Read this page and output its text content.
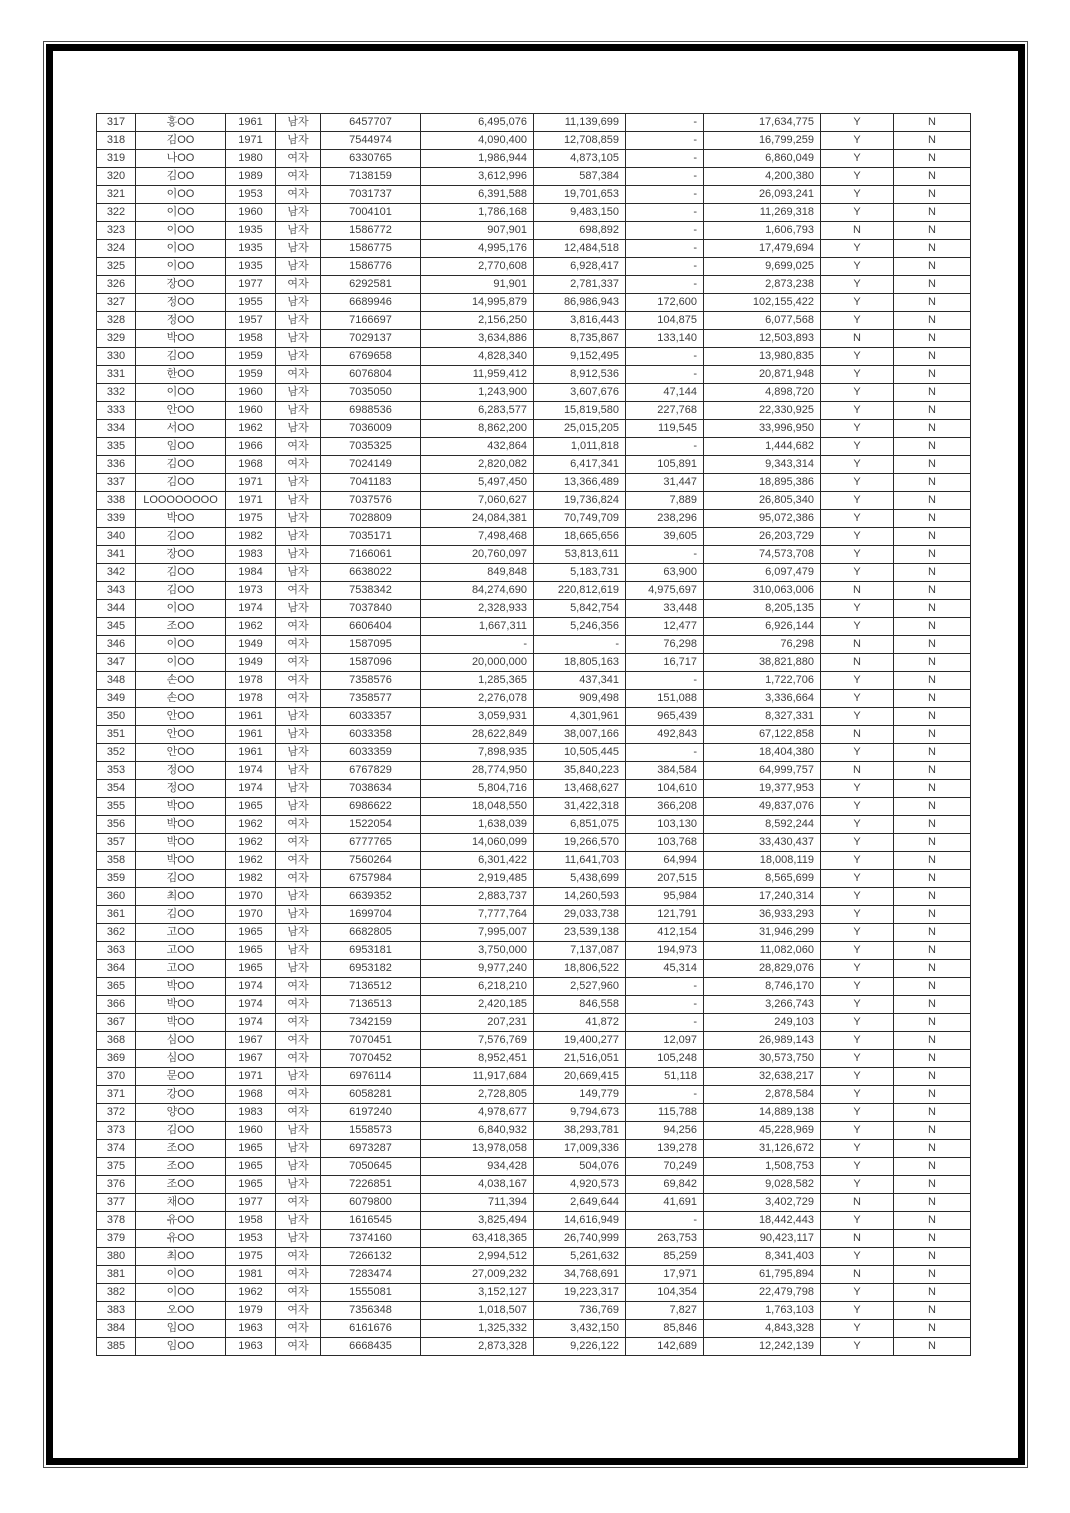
317	홍OO	1961	남자	6457707	6,495,076	11,139,699	-	17,634,775	Y	N
318	김OO	1971	남자	7544974	4,090,400	12,708,859	-	16,799,259	Y	N
319	나OO	1980	여자	6330765	1,986,944	4,873,105	-	6,860,049	Y	N
320	김OO	1989	여자	7138159	3,612,996	587,384	-	4,200,380	Y	N
321	이OO	1953	여자	7031737	6,391,588	19,701,653	-	26,093,241	Y	N
322	이OO	1960	남자	7004101	1,786,168	9,483,150	-	11,269,318	Y	N
323	이OO	1935	남자	1586772	907,901	698,892	-	1,606,793	N	N
324	이OO	1935	남자	1586775	4,995,176	12,484,518	-	17,479,694	Y	N
325	이OO	1935	남자	1586776	2,770,608	6,928,417	-	9,699,025	Y	N
326	장OO	1977	여자	6292581	91,901	2,781,337	-	2,873,238	Y	N
327	정OO	1955	남자	6689946	14,995,879	86,986,943	172,600	102,155,422	Y	N
328	정OO	1957	남자	7166697	2,156,250	3,816,443	104,875	6,077,568	Y	N
329	박OO	1958	남자	7029137	3,634,886	8,735,867	133,140	12,503,893	N	N
330	김OO	1959	남자	6769658	4,828,340	9,152,495	-	13,980,835	Y	N
331	한OO	1959	여자	6076804	11,959,412	8,912,536	-	20,871,948	Y	N
332	이OO	1960	남자	7035050	1,243,900	3,607,676	47,144	4,898,720	Y	N
333	안OO	1960	남자	6988536	6,283,577	15,819,580	227,768	22,330,925	Y	N
334	서OO	1962	남자	7036009	8,862,200	25,015,205	119,545	33,996,950	Y	N
335	임OO	1966	여자	7035325	432,864	1,011,818	-	1,444,682	Y	N
336	김OO	1968	여자	7024149	2,820,082	6,417,341	105,891	9,343,314	Y	N
337	김OO	1971	남자	7041183	5,497,450	13,366,489	31,447	18,895,386	Y	N
338	LOOOOOOOO	1971	남자	7037576	7,060,627	19,736,824	7,889	26,805,340	Y	N
339	박OO	1975	남자	7028809	24,084,381	70,749,709	238,296	95,072,386	Y	N
340	김OO	1982	남자	7035171	7,498,468	18,665,656	39,605	26,203,729	Y	N
341	장OO	1983	남자	7166061	20,760,097	53,813,611	-	74,573,708	Y	N
342	김OO	1984	남자	6638022	849,848	5,183,731	63,900	6,097,479	Y	N
343	김OO	1973	여자	7538342	84,274,690	220,812,619	4,975,697	310,063,006	N	N
344	이OO	1974	남자	7037840	2,328,933	5,842,754	33,448	8,205,135	Y	N
345	조OO	1962	여자	6606404	1,667,311	5,246,356	12,477	6,926,144	Y	N
346	이OO	1949	여자	1587095	-	-	76,298	76,298	N	N
347	이OO	1949	여자	1587096	20,000,000	18,805,163	16,717	38,821,880	N	N
348	손OO	1978	여자	7358576	1,285,365	437,341	-	1,722,706	Y	N
349	손OO	1978	여자	7358577	2,276,078	909,498	151,088	3,336,664	Y	N
350	안OO	1961	남자	6033357	3,059,931	4,301,961	965,439	8,327,331	Y	N
351	안OO	1961	남자	6033358	28,622,849	38,007,166	492,843	67,122,858	N	N
352	안OO	1961	남자	6033359	7,898,935	10,505,445	-	18,404,380	Y	N
353	정OO	1974	남자	6767829	28,774,950	35,840,223	384,584	64,999,757	N	N
354	정OO	1974	남자	7038634	5,804,716	13,468,627	104,610	19,377,953	Y	N
355	박OO	1965	남자	6986622	18,048,550	31,422,318	366,208	49,837,076	Y	N
356	박OO	1962	여자	1522054	1,638,039	6,851,075	103,130	8,592,244	Y	N
357	박OO	1962	여자	6777765	14,060,099	19,266,570	103,768	33,430,437	Y	N
358	박OO	1962	여자	7560264	6,301,422	11,641,703	64,994	18,008,119	Y	N
359	김OO	1982	여자	6757984	2,919,485	5,438,699	207,515	8,565,699	Y	N
360	최OO	1970	남자	6639352	2,883,737	14,260,593	95,984	17,240,314	Y	N
361	김OO	1970	남자	1699704	7,777,764	29,033,738	121,791	36,933,293	Y	N
362	고OO	1965	남자	6682805	7,995,007	23,539,138	412,154	31,946,299	Y	N
363	고OO	1965	남자	6953181	3,750,000	7,137,087	194,973	11,082,060	Y	N
364	고OO	1965	남자	6953182	9,977,240	18,806,522	45,314	28,829,076	Y	N
365	박OO	1974	여자	7136512	6,218,210	2,527,960	-	8,746,170	Y	N
366	박OO	1974	여자	7136513	2,420,185	846,558	-	3,266,743	Y	N
367	박OO	1974	여자	7342159	207,231	41,872	-	249,103	Y	N
368	심OO	1967	여자	7070451	7,576,769	19,400,277	12,097	26,989,143	Y	N
369	심OO	1967	여자	7070452	8,952,451	21,516,051	105,248	30,573,750	Y	N
370	문OO	1971	남자	6976114	11,917,684	20,669,415	51,118	32,638,217	Y	N
371	강OO	1968	여자	6058281	2,728,805	149,779	-	2,878,584	Y	N
372	양OO	1983	여자	6197240	4,978,677	9,794,673	115,788	14,889,138	Y	N
373	김OO	1960	남자	1558573	6,840,932	38,293,781	94,256	45,228,969	Y	N
374	조OO	1965	남자	6973287	13,978,058	17,009,336	139,278	31,126,672	Y	N
375	조OO	1965	남자	7050645	934,428	504,076	70,249	1,508,753	Y	N
376	조OO	1965	남자	7226851	4,038,167	4,920,573	69,842	9,028,582	Y	N
377	채OO	1977	여자	6079800	711,394	2,649,644	41,691	3,402,729	N	N
378	유OO	1958	남자	1616545	3,825,494	14,616,949	-	18,442,443	Y	N
379	유OO	1953	남자	7374160	63,418,365	26,740,999	263,753	90,423,117	N	N
380	최OO	1975	여자	7266132	2,994,512	5,261,632	85,259	8,341,403	Y	N
381	이OO	1981	여자	7283474	27,009,232	34,768,691	17,971	61,795,894	N	N
382	이OO	1962	여자	1555081	3,152,127	19,223,317	104,354	22,479,798	Y	N
383	오OO	1979	여자	7356348	1,018,507	736,769	7,827	1,763,103	Y	N
384	임OO	1963	여자	6161676	1,325,332	3,432,150	85,846	4,843,328	Y	N
385	임OO	1963	여자	6668435	2,873,328	9,226,122	142,689	12,242,139	Y	N
